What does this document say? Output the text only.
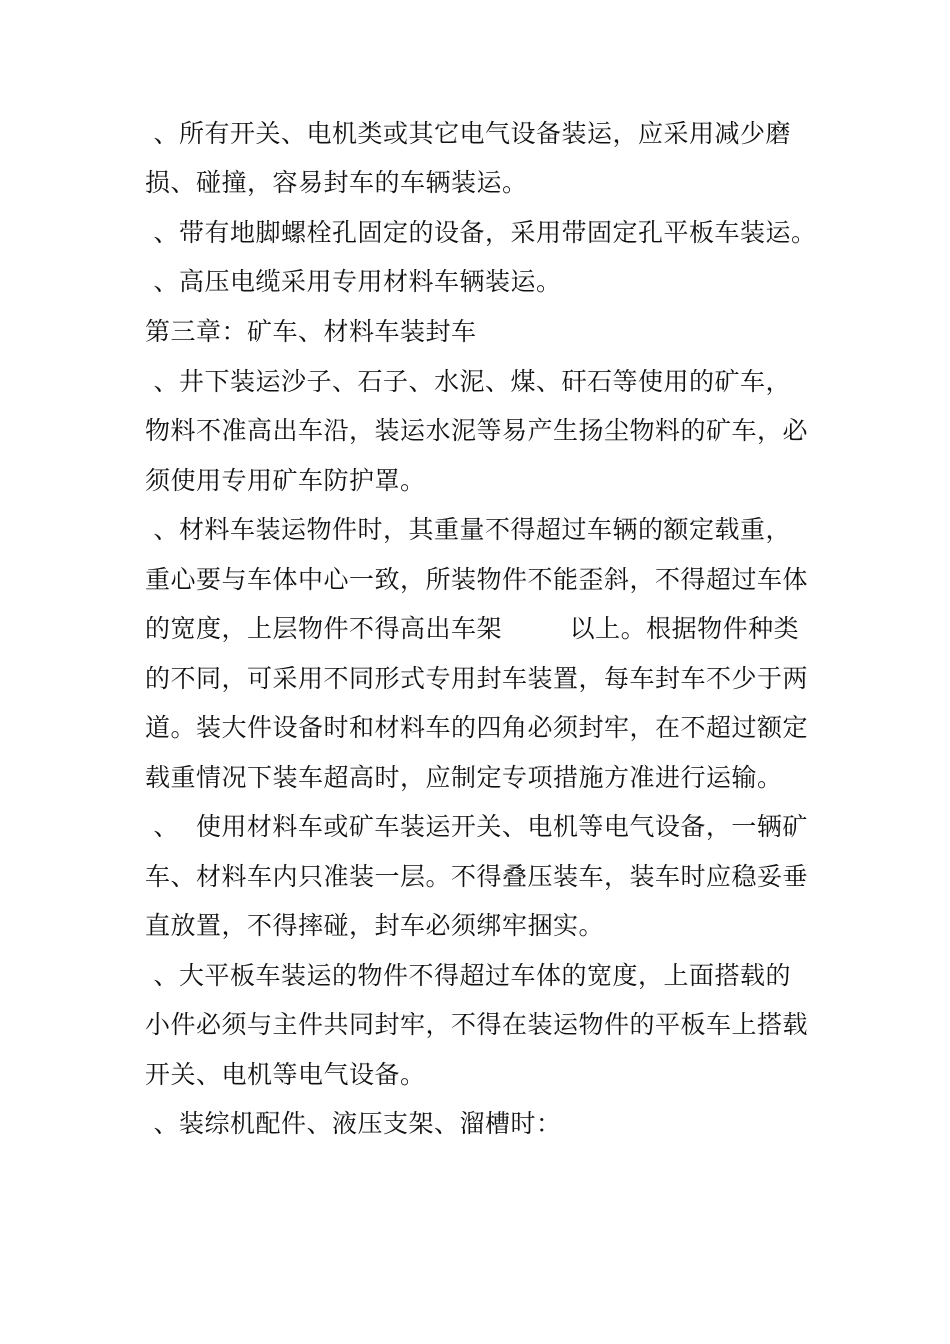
、所有开关、电机类或其它电气设备装运，应采用减少磨
损、碰撞，容易封车的车辆装运。
、带有地脚螺栓孔固定的设备，采用带固定孔平板车装运。
、高压电缆采用专用材料车辆装运。
第三章：矿车、材料车装封车
、井下装运沙子、石子、水泥、煤、矸石等使用的矿车，
物料不准高出车沿，装运水泥等易产生扬尘物料的矿车，必
须使用专用矿车防护罩。
、材料车装运物件时，其重量不得超过车辆的额定载重，
重心要与车体中心一致，所装物件不能歪斜，不得超过车体
的宽度，上层物件不得高出车架        以上。根据物件种类
的不同，可采用不同形式专用封车装置，每车封车不少于两
道。装大件设备时和材料车的四角必须封牢，在不超过额定
载重情况下装车超高时，应制定专项措施方准进行运输。
、  使用材料车或矿车装运开关、电机等电气设备，一辆矿
车、材料车内只准装一层。不得叠压装车，装车时应稳妥垂
直放置，不得摔碰，封车必须绑牢捆实。
、大平板车装运的物件不得超过车体的宽度，上面搭载的
小件必须与主件共同封牢，不得在装运物件的平板车上搭载
开关、电机等电气设备。
、装综机配件、液压支架、溜槽时：
